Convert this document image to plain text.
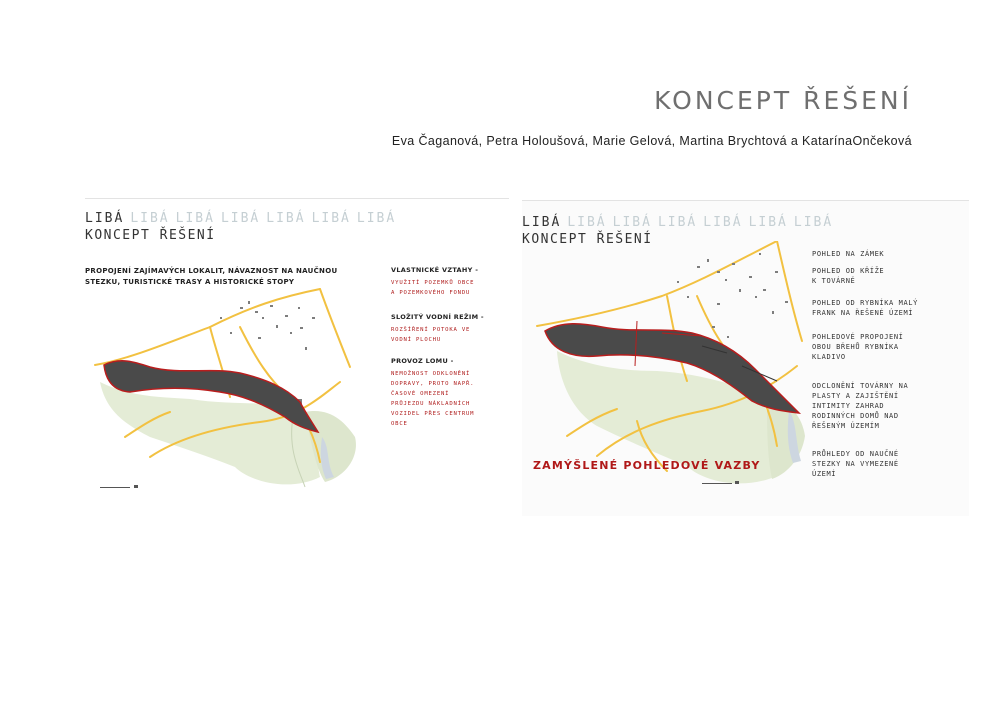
KONCEPT ŘEŠENÍ
Eva Čaganová, Petra Holoušová, Marie Gelová, Martina Brychtová a KatarínaOnčeková
LIBÁ LIBÁ LIBÁ LIBÁ LIBÁ LIBÁ LIBÁ
KONCEPT ŘEŠENÍ
PROPOJENÍ ZAJÍMAVÝCH LOKALIT, NÁVAZNOST NA NAUČNOU
STEZKU, TURISTICKÉ TRASY A HISTORICKÉ STOPY
VLASTNICKÉ VZTAHY -
VYUŽITÍ POZEMKŮ OBCE
A POZEMKOVÉHO FONDU
SLOŽITÝ VODNÍ REŽIM -
ROZŠÍŘENÍ POTOKA VE
VODNÍ PLOCHU
PROVOZ LOMU -
NEMOŽNOST ODKLONĚNÍ
DOPRAVY, PROTO NAPŘ.
ČASOVÉ OMEZENÍ
PRŮJEZDU NÁKLADNÍCH
VOZIDEL PŘES CENTRUM
OBCE
LIBÁ LIBÁ LIBÁ LIBÁ LIBÁ LIBÁ LIBÁ
KONCEPT ŘEŠENÍ
ZAMÝŠLENÉ POHLEDOVÉ VAZBY
POHLED NA ZÁMEK
POHLED OD KŘÍŽE
K TOVÁRNĚ
POHLED OD RYBNÍKA MALÝ
FRANK NA ŘEŠENÉ ÚZEMÍ
POHLEDOVÉ PROPOJENÍ
OBOU BŘEHŮ RYBNÍKA
KLADIVO
ODCLONĚNÍ TOVÁRNY NA
PLASTY A ZAJIŠTĚNÍ
INTIMITY ZAHRAD
RODINNÝCH DOMŮ NAD
ŘEŠENÝM ÚZEMÍM
PRŮHLEDY OD NAUČNÉ
STEZKY NA VYMEZENÉ
ÚZEMÍ
